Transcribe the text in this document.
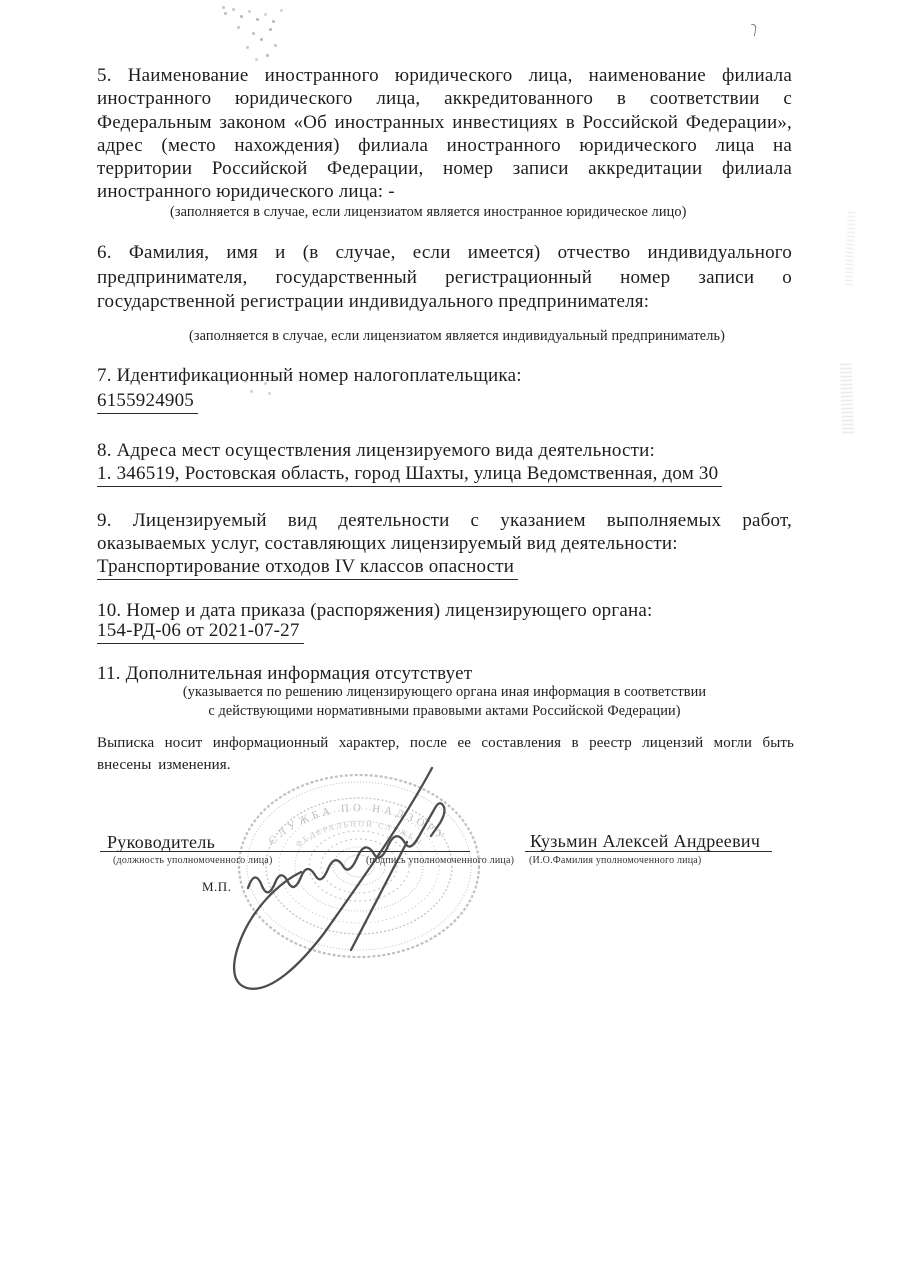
5. Наименование иностранного юридического лица, наименование филиала иностранного юридического лица, аккредитованного в соответствии с Федеральным законом «Об иностранных инвестициях в Российской Федерации», адрес (место нахождения) филиала иностранного юридического лица на территории Российской Федерации, номер записи аккредитации филиала иностранного юридического лица: -
(заполняется в случае, если лицензиатом является иностранное юридическое лицо)
6. Фамилия, имя и (в случае, если имеется) отчество индивидуального предпринимателя, государственный регистрационный номер записи о государственной регистрации индивидуального предпринимателя:
(заполняется в случае, если лицензиатом является индивидуальный предприниматель)
7. Идентификационный номер налогоплательщика:
6155924905
8. Адреса мест осуществления лицензируемого вида деятельности:
1. 346519, Ростовская область, город Шахты, улица Ведомственная, дом 30
9. Лицензируемый вид деятельности с указанием выполняемых работ, оказываемых услуг, составляющих лицензируемый вид деятельности:
Транспортирование отходов IV классов опасности
10. Номер и дата приказа (распоряжения) лицензирующего органа:
154-РД-06 от 2021-07-27
11. Дополнительная информация отсутствует
(указывается по решению лицензирующего органа иная информация в соответствии
с действующими нормативными правовыми актами Российской Федерации)
Выписка носит информационный характер, после ее составления в реестр лицензий могли быть внесены изменения.
СЛУЖБА ПО НАДЗОРУ
ФЕДЕРАЛЬНОЙ СЛУЖБЫ
Руководитель
(должность уполномоченного лица)	(подпись уполномоченного лица)
М.П.
Кузьмин Алексей Андреевич
(И.О.Фамилия уполномоченного лица)
